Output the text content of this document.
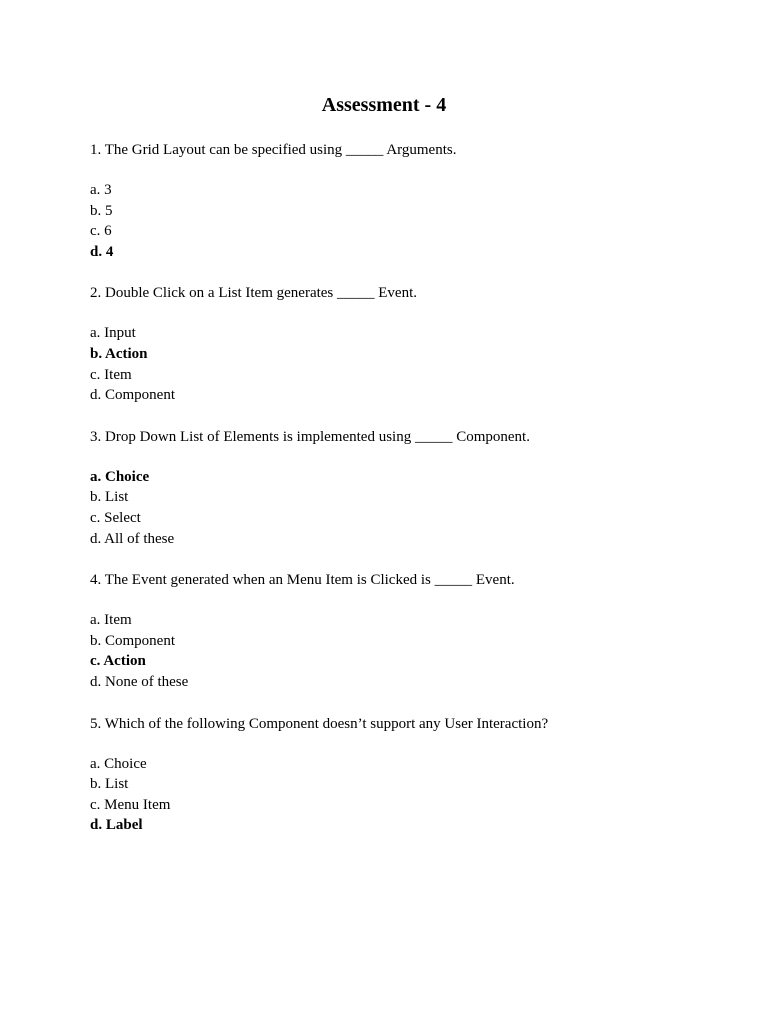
Assessment - 4

1. The Grid Layout can be specified using _____ Arguments.

a. 3
b. 5
c. 6
d. 4

2. Double Click on a List Item generates _____ Event.

a. Input
b. Action
c. Item
d. Component

3. Drop Down List of Elements is implemented using _____ Component.

a. Choice
b. List
c. Select
d. All of these

4. The Event generated when an Menu Item is Clicked is _____ Event.

a. Item
b. Component
c. Action
d. None of these

5. Which of the following Component doesn’t support any User Interaction?

a. Choice
b. List
c. Menu Item
d. Label
